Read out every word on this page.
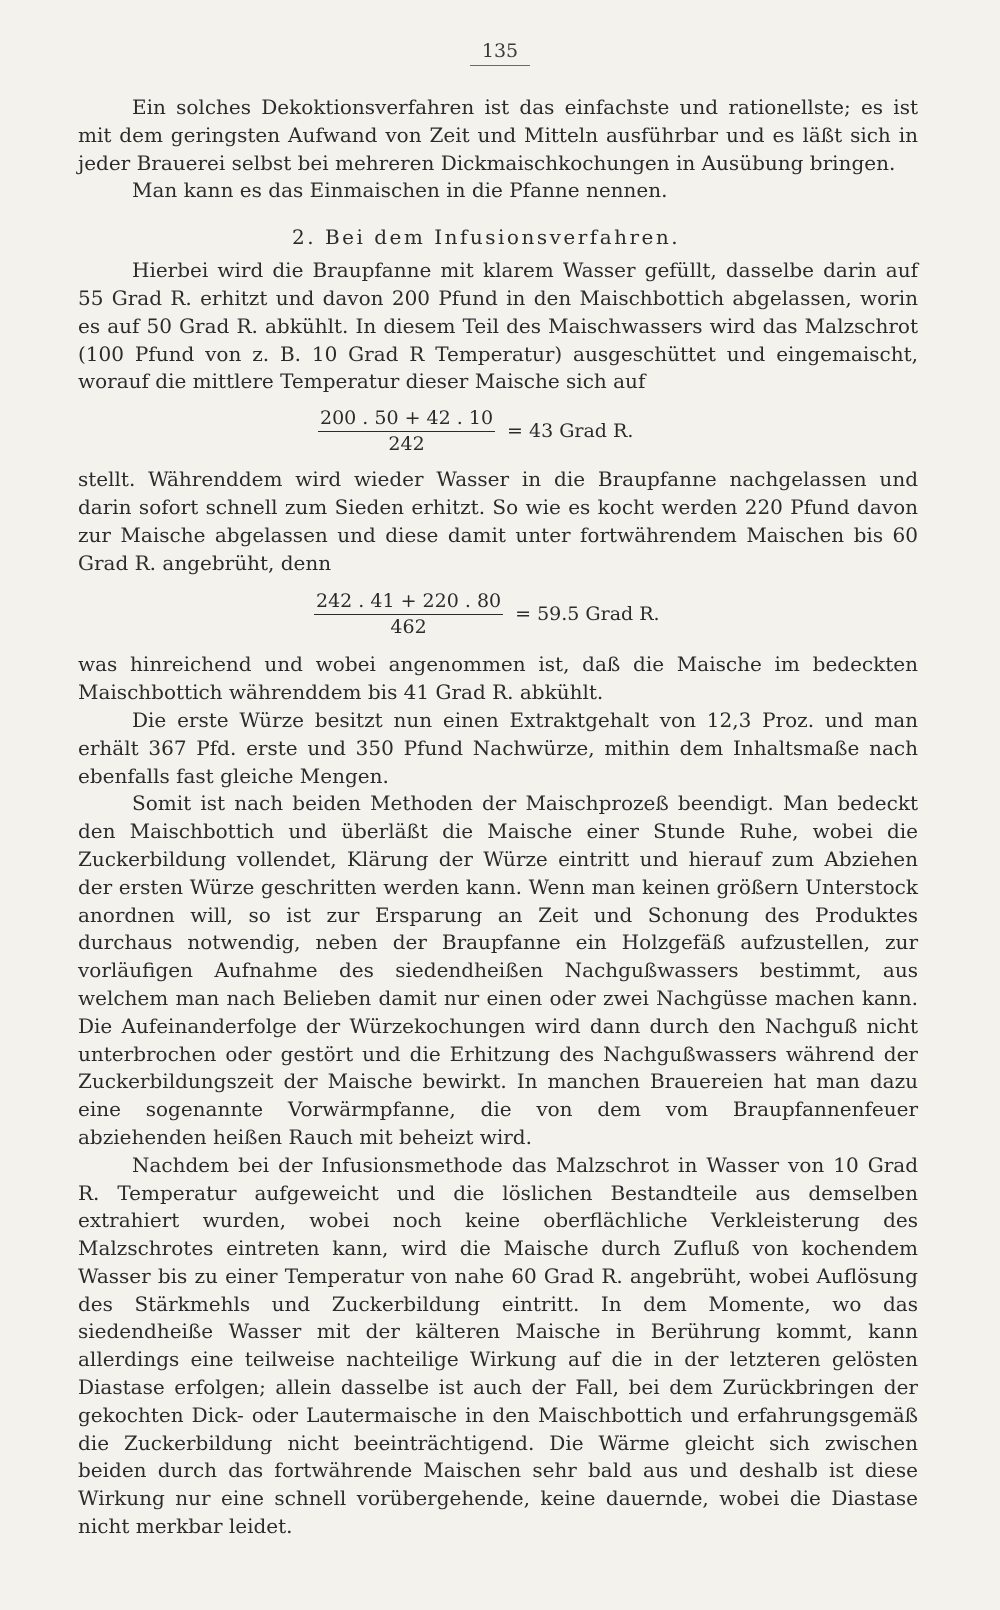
135

Ein solches Dekoktionsverfahren ist das einfachste und rationellste; es ist mit dem geringsten Aufwand von Zeit und Mitteln ausführbar und es läßt sich in jeder Brauerei selbst bei mehreren Dickmaischkochungen in Ausübung bringen.

Man kann es das Einmaischen in die Pfanne nennen.

2. Bei dem Infusionsverfahren.

Hierbei wird die Braupfanne mit klarem Wasser gefüllt, dasselbe darin auf 55 Grad R. erhitzt und davon 200 Pfund in den Maischbottich abgelassen, worin es auf 50 Grad R. abkühlt. In diesem Teil des Maischwassers wird das Malzschrot (100 Pfund von z. B. 10 Grad R Temperatur) ausgeschüttet und eingemaischt, worauf die mittlere Temperatur dieser Maische sich auf

$\frac{200 . 50 + 42 . 10}{242} = 43$ Grad R.

stellt. Währenddem wird wieder Wasser in die Braupfanne nachgelassen und darin sofort schnell zum Sieden erhitzt. So wie es kocht werden 220 Pfund davon zur Maische abgelassen und diese damit unter fortwährendem Maischen bis 60 Grad R. angebrüht, denn

$\frac{242 . 41 + 220 . 80}{462} = 59.5$ Grad R.

was hinreichend und wobei angenommen ist, daß die Maische im bedeckten Maischbottich währenddem bis 41 Grad R. abkühlt.

Die erste Würze besitzt nun einen Extraktgehalt von 12,3 Proz. und man erhält 367 Pfd. erste und 350 Pfund Nachwürze, mithin dem Inhaltsmaße nach ebenfalls fast gleiche Mengen.

Somit ist nach beiden Methoden der Maischprozeß beendigt. Man bedeckt den Maischbottich und überläßt die Maische einer Stunde Ruhe, wobei die Zuckerbildung vollendet, Klärung der Würze eintritt und hierauf zum Abziehen der ersten Würze geschritten werden kann. Wenn man keinen größern Unterstock anordnen will, so ist zur Ersparung an Zeit und Schonung des Produktes durchaus notwendig, neben der Braupfanne ein Holzgefäß aufzustellen, zur vorläufigen Aufnahme des siedendheißen Nachgußwassers bestimmt, aus welchem man nach Belieben damit nur einen oder zwei Nachgüsse machen kann. Die Aufeinanderfolge der Würzekochungen wird dann durch den Nachguß nicht unterbrochen oder gestört und die Erhitzung des Nachgußwassers während der Zuckerbildungszeit der Maische bewirkt. In manchen Brauereien hat man dazu eine sogenannte Vorwärmpfanne, die von dem vom Braupfannenfeuer abziehenden heißen Rauch mit beheizt wird.

Nachdem bei der Infusionsmethode das Malzschrot in Wasser von 10 Grad R. Temperatur aufgeweicht und die löslichen Bestandteile aus demselben extrahiert wurden, wobei noch keine oberflächliche Verkleisterung des Malzschrotes eintreten kann, wird die Maische durch Zufluß von kochendem Wasser bis zu einer Temperatur von nahe 60 Grad R. angebrüht, wobei Auflösung des Stärkmehls und Zuckerbildung eintritt. In dem Momente, wo das siedendheiße Wasser mit der kälteren Maische in Berührung kommt, kann allerdings eine teilweise nachteilige Wirkung auf die in der letzteren gelösten Diastase erfolgen; allein dasselbe ist auch der Fall, bei dem Zurückbringen der gekochten Dick- oder Lautermaische in den Maischbottich und erfahrungsgemäß die Zuckerbildung nicht beeinträchtigend. Die Wärme gleicht sich zwischen beiden durch das fortwährende Maischen sehr bald aus und deshalb ist diese Wirkung nur eine schnell vorübergehende, keine dauernde, wobei die Diastase nicht merkbar leidet.
